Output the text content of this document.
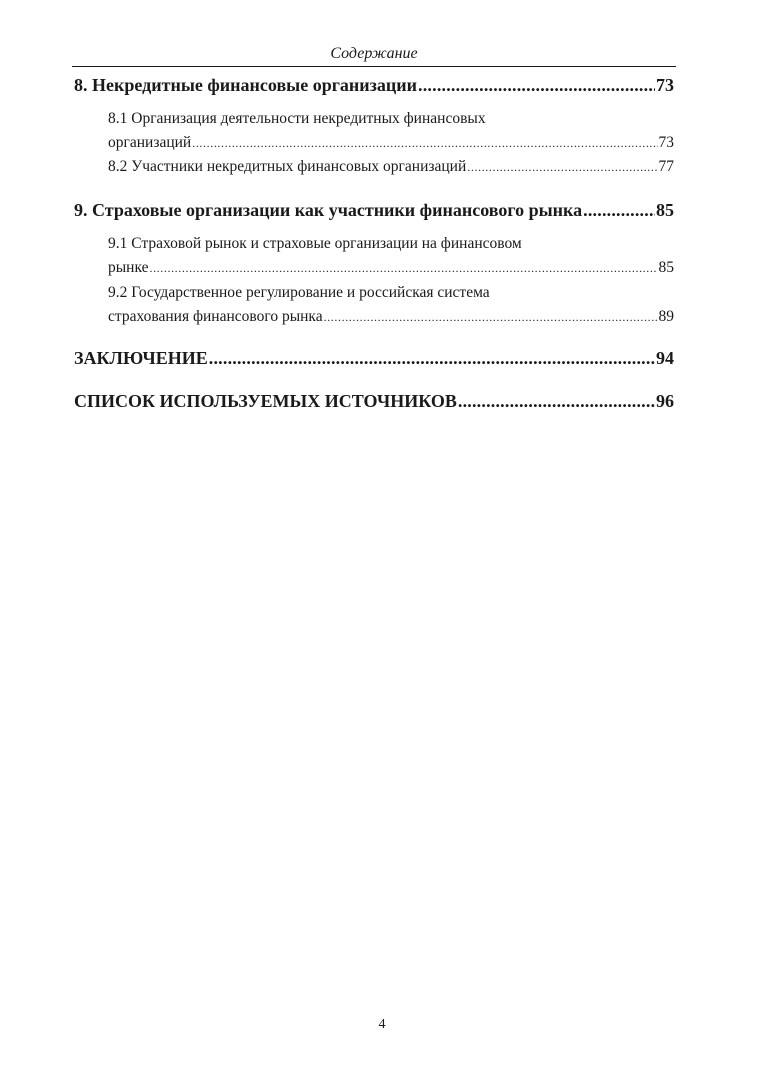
Содержание
8. Некредитные финансовые организации .....	73
8.1 Организация деятельности некредитных финансовых
организаций .....	73
8.2 Участники некредитных финансовых организаций .....	77
9. Страховые организации как участники финансового рынка .....	85
9.1 Страховой рынок и страховые организации на финансовом
рынке .....	85
9.2 Государственное регулирование и российская система
страхования финансового рынка .....	89
ЗАКЛЮЧЕНИЕ .....	94
СПИСОК ИСПОЛЬЗУЕМЫХ ИСТОЧНИКОВ .....	96
4
